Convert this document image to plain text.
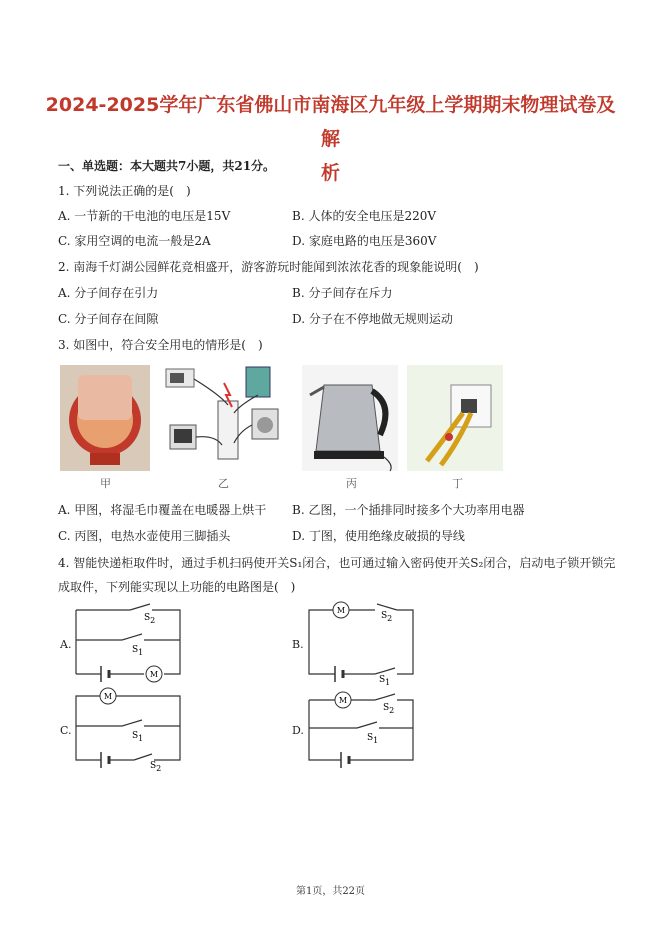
2024-2025学年广东省佛山市南海区九年级上学期期末物理试卷及解
析
一、单选题：本大题共7小题，共21分。
1. 下列说法正确的是(　)
A. 一节新的干电池的电压是15V	B. 人体的安全电压是220V
C. 家用空调的电流一般是2A	D. 家庭电路的电压是360V
2. 南海千灯湖公园鲜花竞相盛开，游客游玩时能闻到浓浓花香的现象能说明(　)
A. 分子间存在引力	B. 分子间存在斥力
C. 分子间存在间隙	D. 分子在不停地做无规则运动
3. 如图中，符合安全用电的情形是(　)
甲	乙	丙	丁
A. 甲图，将湿毛巾覆盖在电暖器上烘干 B. 乙图，一个插排同时接多个大功率用电器
C. 丙图，电热水壶使用三脚插头	D. 丁图，使用绝缘皮破损的导线
4. 智能快递柜取件时，通过手机扫码使开关S₁闭合，也可通过输入密码使开关S₂闭合，启动电子锁开锁完
成取件，下列能实现以上功能的电路图是(　)
A.	B.
C.	D.
M
S2
S1
M
S2
S1
M
S1
S2
M
S2
S1
第1页，共22页
